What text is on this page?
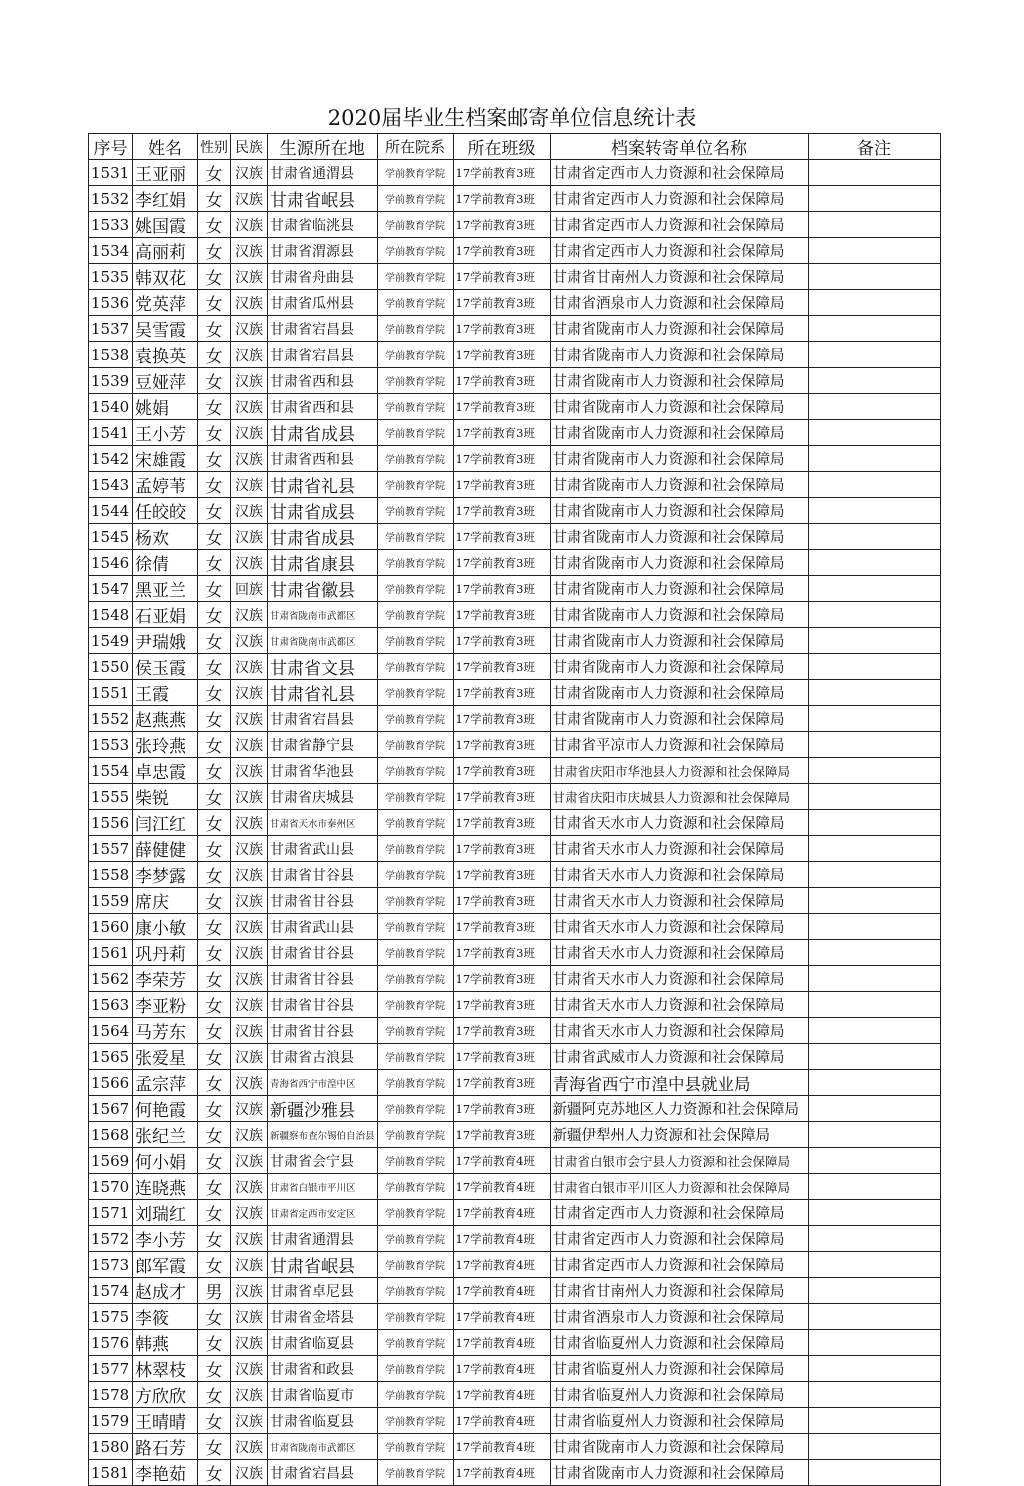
2020届毕业生档案邮寄单位信息统计表
序号	姓名	性别	民族	生源所在地	所在院系	所在班级	档案转寄单位名称	备注
1531	王亚丽	女	汉族	甘肃省通渭县	学前教育学院	17学前教育3班	甘肃省定西市人力资源和社会保障局	
1532	李红娟	女	汉族	甘肃省岷县	学前教育学院	17学前教育3班	甘肃省定西市人力资源和社会保障局	
1533	姚国霞	女	汉族	甘肃省临洮县	学前教育学院	17学前教育3班	甘肃省定西市人力资源和社会保障局	
1534	高丽莉	女	汉族	甘肃省渭源县	学前教育学院	17学前教育3班	甘肃省定西市人力资源和社会保障局	
1535	韩双花	女	汉族	甘肃省舟曲县	学前教育学院	17学前教育3班	甘肃省甘南州人力资源和社会保障局	
1536	党英萍	女	汉族	甘肃省瓜州县	学前教育学院	17学前教育3班	甘肃省酒泉市人力资源和社会保障局	
1537	吴雪霞	女	汉族	甘肃省宕昌县	学前教育学院	17学前教育3班	甘肃省陇南市人力资源和社会保障局	
1538	袁换英	女	汉族	甘肃省宕昌县	学前教育学院	17学前教育3班	甘肃省陇南市人力资源和社会保障局	
1539	豆娅萍	女	汉族	甘肃省西和县	学前教育学院	17学前教育3班	甘肃省陇南市人力资源和社会保障局	
1540	姚娟	女	汉族	甘肃省西和县	学前教育学院	17学前教育3班	甘肃省陇南市人力资源和社会保障局	
1541	王小芳	女	汉族	甘肃省成县	学前教育学院	17学前教育3班	甘肃省陇南市人力资源和社会保障局	
1542	宋雄霞	女	汉族	甘肃省西和县	学前教育学院	17学前教育3班	甘肃省陇南市人力资源和社会保障局	
1543	孟婷苇	女	汉族	甘肃省礼县	学前教育学院	17学前教育3班	甘肃省陇南市人力资源和社会保障局	
1544	任皎皎	女	汉族	甘肃省成县	学前教育学院	17学前教育3班	甘肃省陇南市人力资源和社会保障局	
1545	杨欢	女	汉族	甘肃省成县	学前教育学院	17学前教育3班	甘肃省陇南市人力资源和社会保障局	
1546	徐倩	女	汉族	甘肃省康县	学前教育学院	17学前教育3班	甘肃省陇南市人力资源和社会保障局	
1547	黑亚兰	女	回族	甘肃省徽县	学前教育学院	17学前教育3班	甘肃省陇南市人力资源和社会保障局	
1548	石亚娟	女	汉族	甘肃省陇南市武都区	学前教育学院	17学前教育3班	甘肃省陇南市人力资源和社会保障局	
1549	尹瑞娥	女	汉族	甘肃省陇南市武都区	学前教育学院	17学前教育3班	甘肃省陇南市人力资源和社会保障局	
1550	侯玉霞	女	汉族	甘肃省文县	学前教育学院	17学前教育3班	甘肃省陇南市人力资源和社会保障局	
1551	王霞	女	汉族	甘肃省礼县	学前教育学院	17学前教育3班	甘肃省陇南市人力资源和社会保障局	
1552	赵燕燕	女	汉族	甘肃省宕昌县	学前教育学院	17学前教育3班	甘肃省陇南市人力资源和社会保障局	
1553	张玲燕	女	汉族	甘肃省静宁县	学前教育学院	17学前教育3班	甘肃省平凉市人力资源和社会保障局	
1554	卓忠霞	女	汉族	甘肃省华池县	学前教育学院	17学前教育3班	甘肃省庆阳市华池县人力资源和社会保障局	
1555	柴锐	女	汉族	甘肃省庆城县	学前教育学院	17学前教育3班	甘肃省庆阳市庆城县人力资源和社会保障局	
1556	闫江红	女	汉族	甘肃省天水市秦州区	学前教育学院	17学前教育3班	甘肃省天水市人力资源和社会保障局	
1557	薛健健	女	汉族	甘肃省武山县	学前教育学院	17学前教育3班	甘肃省天水市人力资源和社会保障局	
1558	李梦露	女	汉族	甘肃省甘谷县	学前教育学院	17学前教育3班	甘肃省天水市人力资源和社会保障局	
1559	席庆	女	汉族	甘肃省甘谷县	学前教育学院	17学前教育3班	甘肃省天水市人力资源和社会保障局	
1560	康小敏	女	汉族	甘肃省武山县	学前教育学院	17学前教育3班	甘肃省天水市人力资源和社会保障局	
1561	巩丹莉	女	汉族	甘肃省甘谷县	学前教育学院	17学前教育3班	甘肃省天水市人力资源和社会保障局	
1562	李荣芳	女	汉族	甘肃省甘谷县	学前教育学院	17学前教育3班	甘肃省天水市人力资源和社会保障局	
1563	李亚粉	女	汉族	甘肃省甘谷县	学前教育学院	17学前教育3班	甘肃省天水市人力资源和社会保障局	
1564	马芳东	女	汉族	甘肃省甘谷县	学前教育学院	17学前教育3班	甘肃省天水市人力资源和社会保障局	
1565	张爱星	女	汉族	甘肃省古浪县	学前教育学院	17学前教育3班	甘肃省武威市人力资源和社会保障局	
1566	孟宗萍	女	汉族	青海省西宁市湟中区	学前教育学院	17学前教育3班	青海省西宁市湟中县就业局	
1567	何艳霞	女	汉族	新疆沙雅县	学前教育学院	17学前教育3班	新疆阿克苏地区人力资源和社会保障局	
1568	张纪兰	女	汉族	新疆察布查尔锡伯自治县	学前教育学院	17学前教育3班	新疆伊犁州人力资源和社会保障局	
1569	何小娟	女	汉族	甘肃省会宁县	学前教育学院	17学前教育4班	甘肃省白银市会宁县人力资源和社会保障局	
1570	连晓燕	女	汉族	甘肃省白银市平川区	学前教育学院	17学前教育4班	甘肃省白银市平川区人力资源和社会保障局	
1571	刘瑞红	女	汉族	甘肃省定西市安定区	学前教育学院	17学前教育4班	甘肃省定西市人力资源和社会保障局	
1572	李小芳	女	汉族	甘肃省通渭县	学前教育学院	17学前教育4班	甘肃省定西市人力资源和社会保障局	
1573	郎军霞	女	汉族	甘肃省岷县	学前教育学院	17学前教育4班	甘肃省定西市人力资源和社会保障局	
1574	赵成才	男	汉族	甘肃省卓尼县	学前教育学院	17学前教育4班	甘肃省甘南州人力资源和社会保障局	
1575	李筱	女	汉族	甘肃省金塔县	学前教育学院	17学前教育4班	甘肃省酒泉市人力资源和社会保障局	
1576	韩燕	女	汉族	甘肃省临夏县	学前教育学院	17学前教育4班	甘肃省临夏州人力资源和社会保障局	
1577	林翠枝	女	汉族	甘肃省和政县	学前教育学院	17学前教育4班	甘肃省临夏州人力资源和社会保障局	
1578	方欣欣	女	汉族	甘肃省临夏市	学前教育学院	17学前教育4班	甘肃省临夏州人力资源和社会保障局	
1579	王晴晴	女	汉族	甘肃省临夏县	学前教育学院	17学前教育4班	甘肃省临夏州人力资源和社会保障局	
1580	路石芳	女	汉族	甘肃省陇南市武都区	学前教育学院	17学前教育4班	甘肃省陇南市人力资源和社会保障局	
1581	李艳茹	女	汉族	甘肃省宕昌县	学前教育学院	17学前教育4班	甘肃省陇南市人力资源和社会保障局	
